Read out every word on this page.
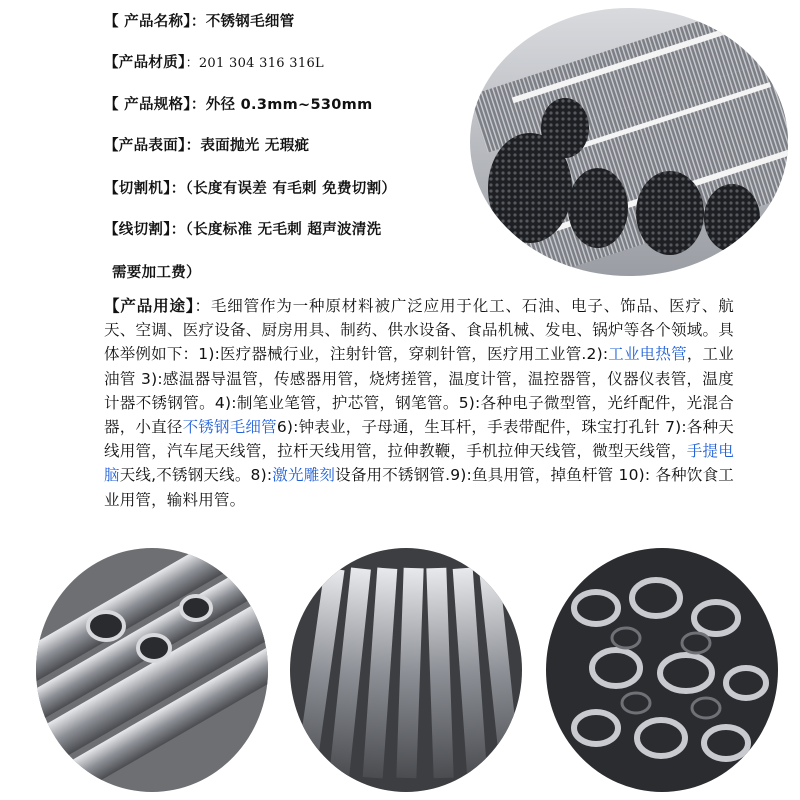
【 产品名称】：不锈钢毛细管
【产品材质】：201 304 316 316L
【 产品规格】：外径 0.3mm~530mm
【产品表面】：表面抛光 无瑕疵
【切割机】：（长度有误差 有毛刺 免费切割）
【线切割】：（长度标准 无毛刺 超声波清洗
需要加工费）
【产品用途】：毛细管作为一种原材料被广泛应用于化工、石油、电子、饰品、医疗、航天、空调、医疗设备、厨房用具、制药、供水设备、食品机械、发电、锅炉等各个领域。具体举例如下：1):医疗器械行业，注射针管，穿刺针管，医疗用工业管.2):工业电热管，工业油管 3):感温器导温管，传感器用管，烧烤搓管，温度计管，温控器管，仪器仪表管，温度计器不锈钢管。4):制笔业笔管，护芯管，钢笔管。5):各种电子微型管，光纤配件，光混合器，小直径不锈钢毛细管6):钟表业，子母通，生耳杆，手表带配件，珠宝打孔针 7):各种天线用管，汽车尾天线管，拉杆天线用管，拉伸教鞭，手机拉伸天线管，微型天线管，手提电脑天线,不锈钢天线。8):激光雕刻设备用不锈钢管.9):鱼具用管，掉鱼杆管 10): 各种饮食工业用管，输料用管。
